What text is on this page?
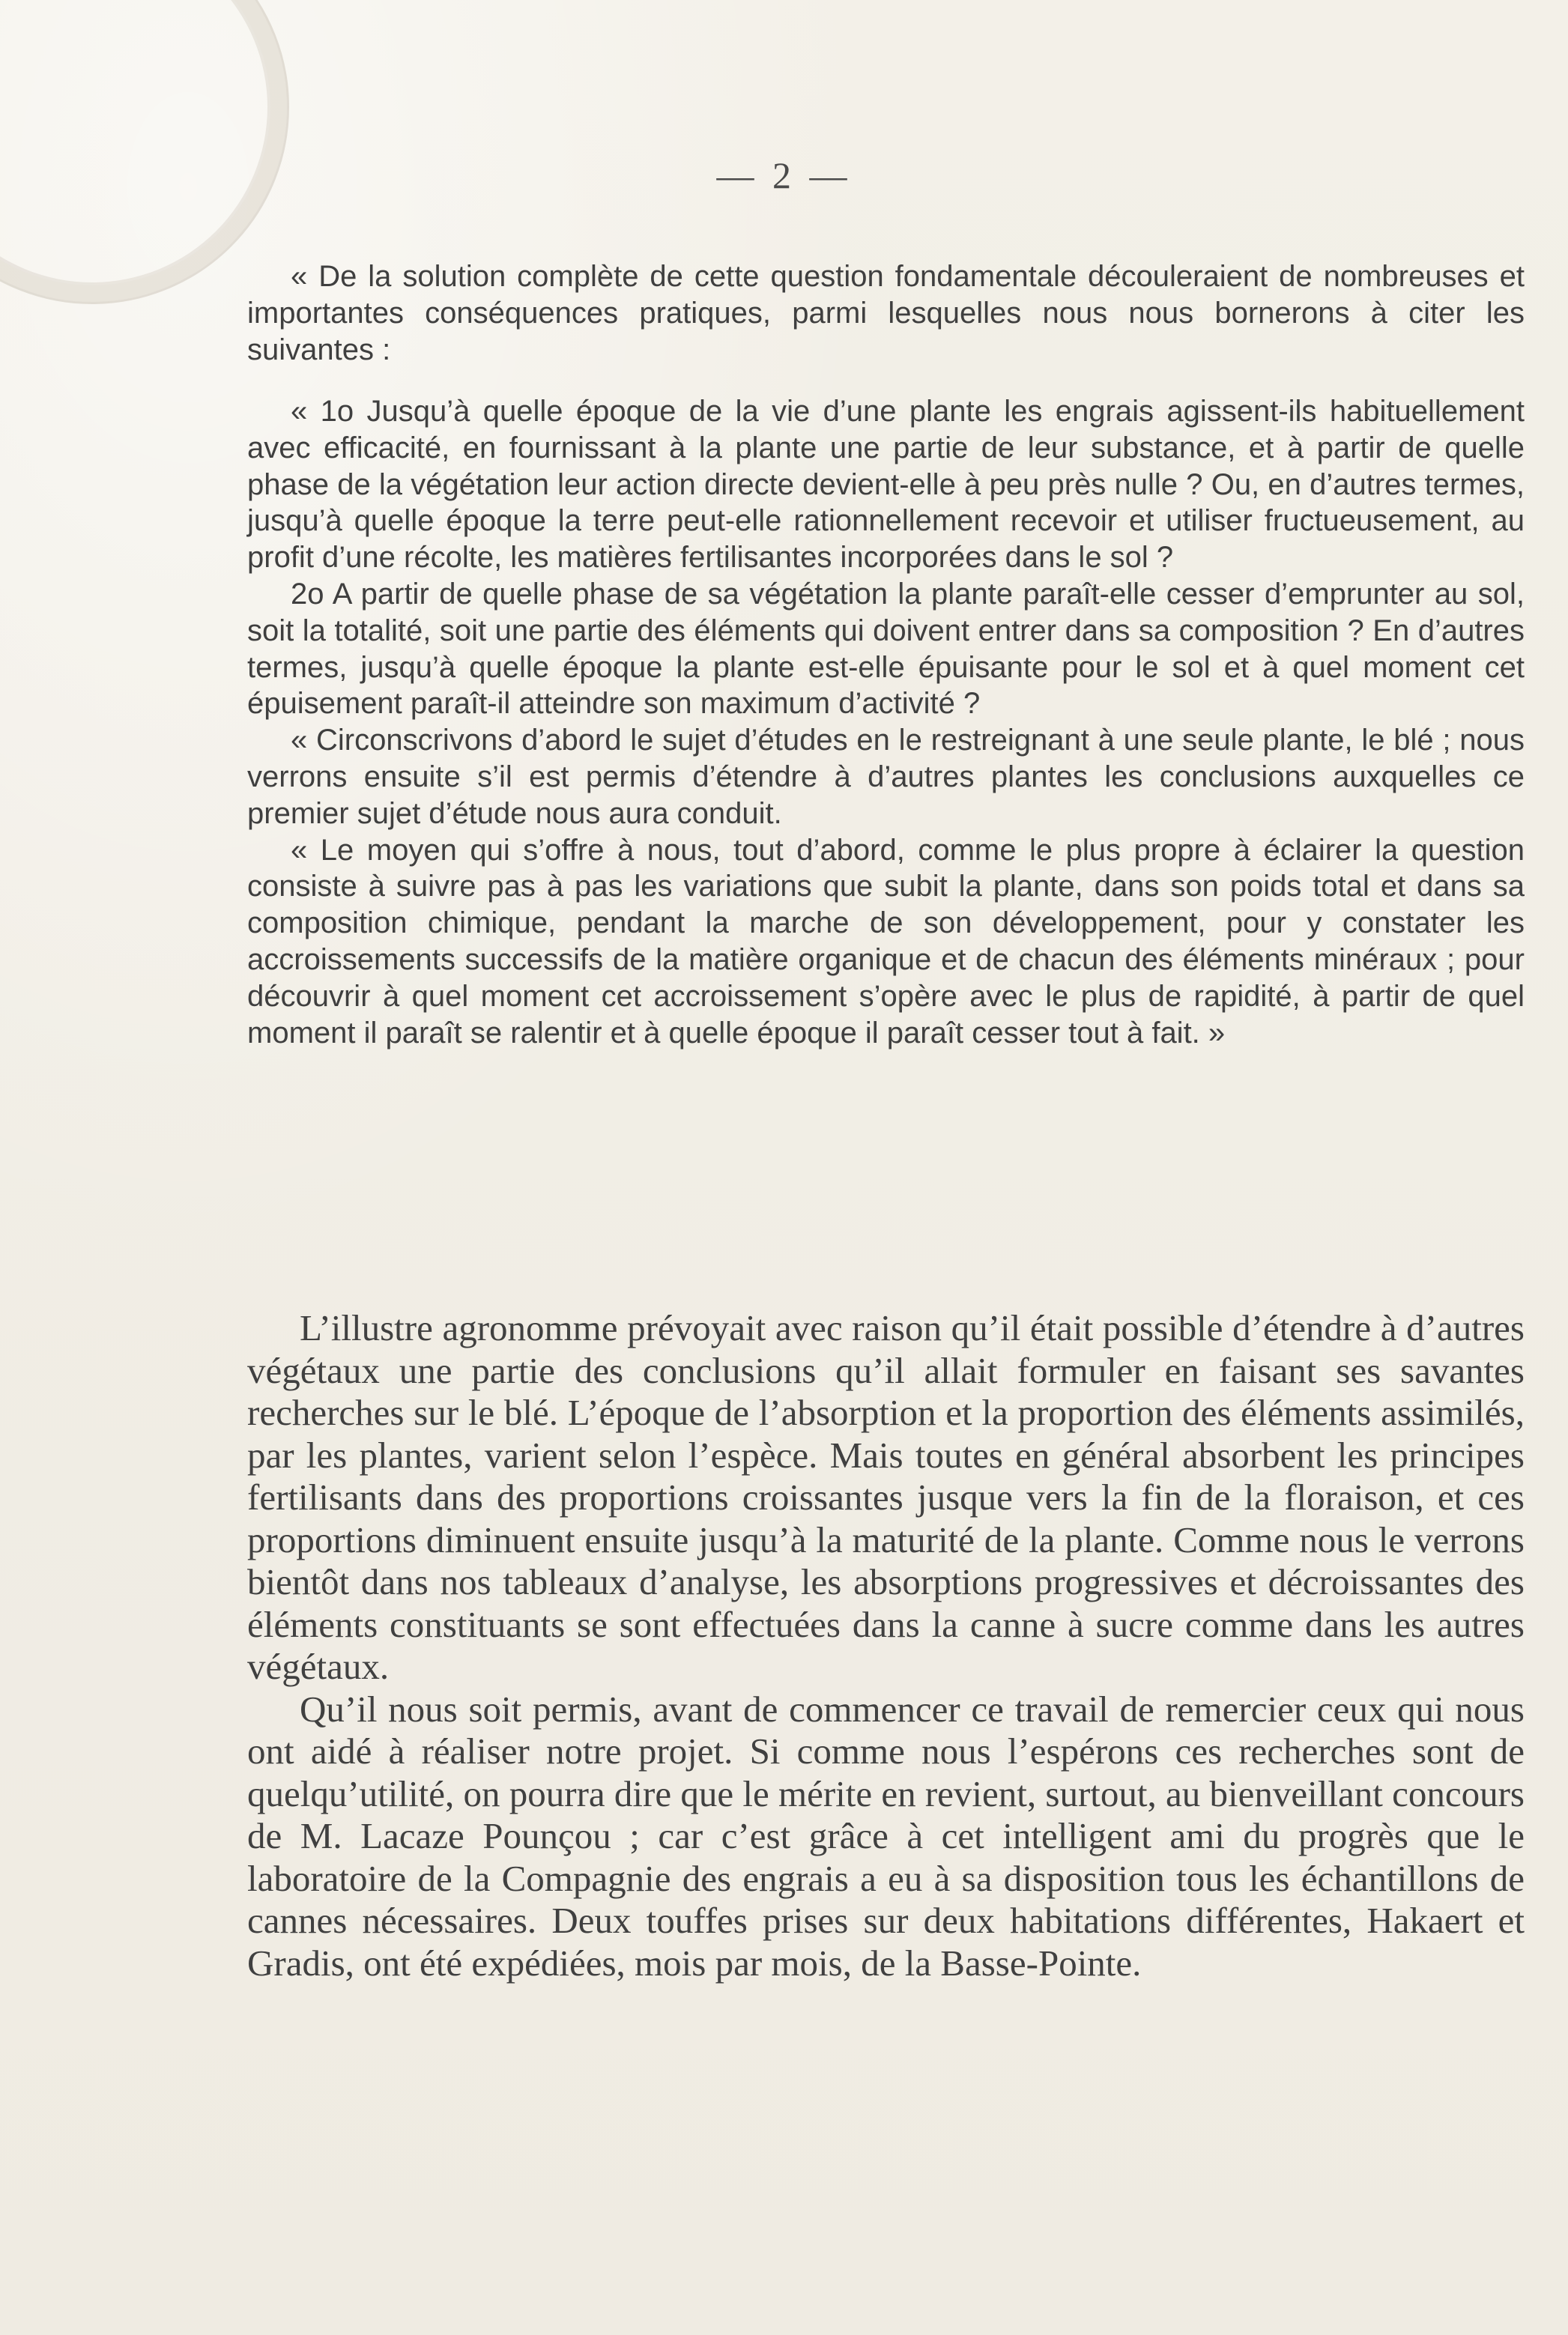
— 2 —

« De la solution complète de cette question fondamentale découleraient de nombreuses et importantes conséquences pratiques, parmi lesquelles nous nous bornerons à citer les suivantes :

« 1o Jusqu’à quelle époque de la vie d’une plante les engrais agissent-ils habituellement avec efficacité, en fournissant à la plante une partie de leur substance, et à partir de quelle phase de la végétation leur action directe devient-elle à peu près nulle ? Ou, en d’autres termes, jusqu’à quelle époque la terre peut-elle rationnellement recevoir et utiliser fructueusement, au profit d’une récolte, les matières fertilisantes incorporées dans le sol ?

2o A partir de quelle phase de sa végétation la plante paraît-elle cesser d’emprunter au sol, soit la totalité, soit une partie des éléments qui doivent entrer dans sa composition ? En d’autres termes, jusqu’à quelle époque la plante est-elle épuisante pour le sol et à quel moment cet épuisement paraît-il atteindre son maximum d’activité ?

« Circonscrivons d’abord le sujet d’études en le restreignant à une seule plante, le blé ; nous verrons ensuite s’il est permis d’étendre à d’autres plantes les conclusions auxquelles ce premier sujet d’étude nous aura conduit.

« Le moyen qui s’offre à nous, tout d’abord, comme le plus propre à éclairer la question consiste à suivre pas à pas les variations que subit la plante, dans son poids total et dans sa composition chimique, pendant la marche de son développement, pour y constater les accroissements successifs de la matière organique et de chacun des éléments minéraux ; pour découvrir à quel moment cet accroissement s’opère avec le plus de rapidité, à partir de quel moment il paraît se ralentir et à quelle époque il paraît cesser tout à fait. »

L’illustre agronomme prévoyait avec raison qu’il était possible d’étendre à d’autres végétaux une partie des conclusions qu’il allait formuler en faisant ses savantes recherches sur le blé. L’époque de l’absorption et la proportion des éléments assimilés, par les plantes, varient selon l’espèce. Mais toutes en général absorbent les principes fertilisants dans des proportions croissantes jusque vers la fin de la floraison, et ces proportions diminuent ensuite jusqu’à la maturité de la plante. Comme nous le verrons bientôt dans nos tableaux d’analyse, les absorptions progressives et décroissantes des éléments constituants se sont effectuées dans la canne à sucre comme dans les autres végétaux.

Qu’il nous soit permis, avant de commencer ce travail de remercier ceux qui nous ont aidé à réaliser notre projet. Si comme nous l’espérons ces recherches sont de quelqu’utilité, on pourra dire que le mérite en revient, surtout, au bienveillant concours de M. Lacaze Pounçou ; car c’est grâce à cet intelligent ami du progrès que le laboratoire de la Compagnie des engrais a eu à sa disposition tous les échantillons de cannes nécessaires. Deux touffes prises sur deux habitations différentes, Hakaert et Gradis, ont été expédiées, mois par mois, de la Basse-Pointe.
